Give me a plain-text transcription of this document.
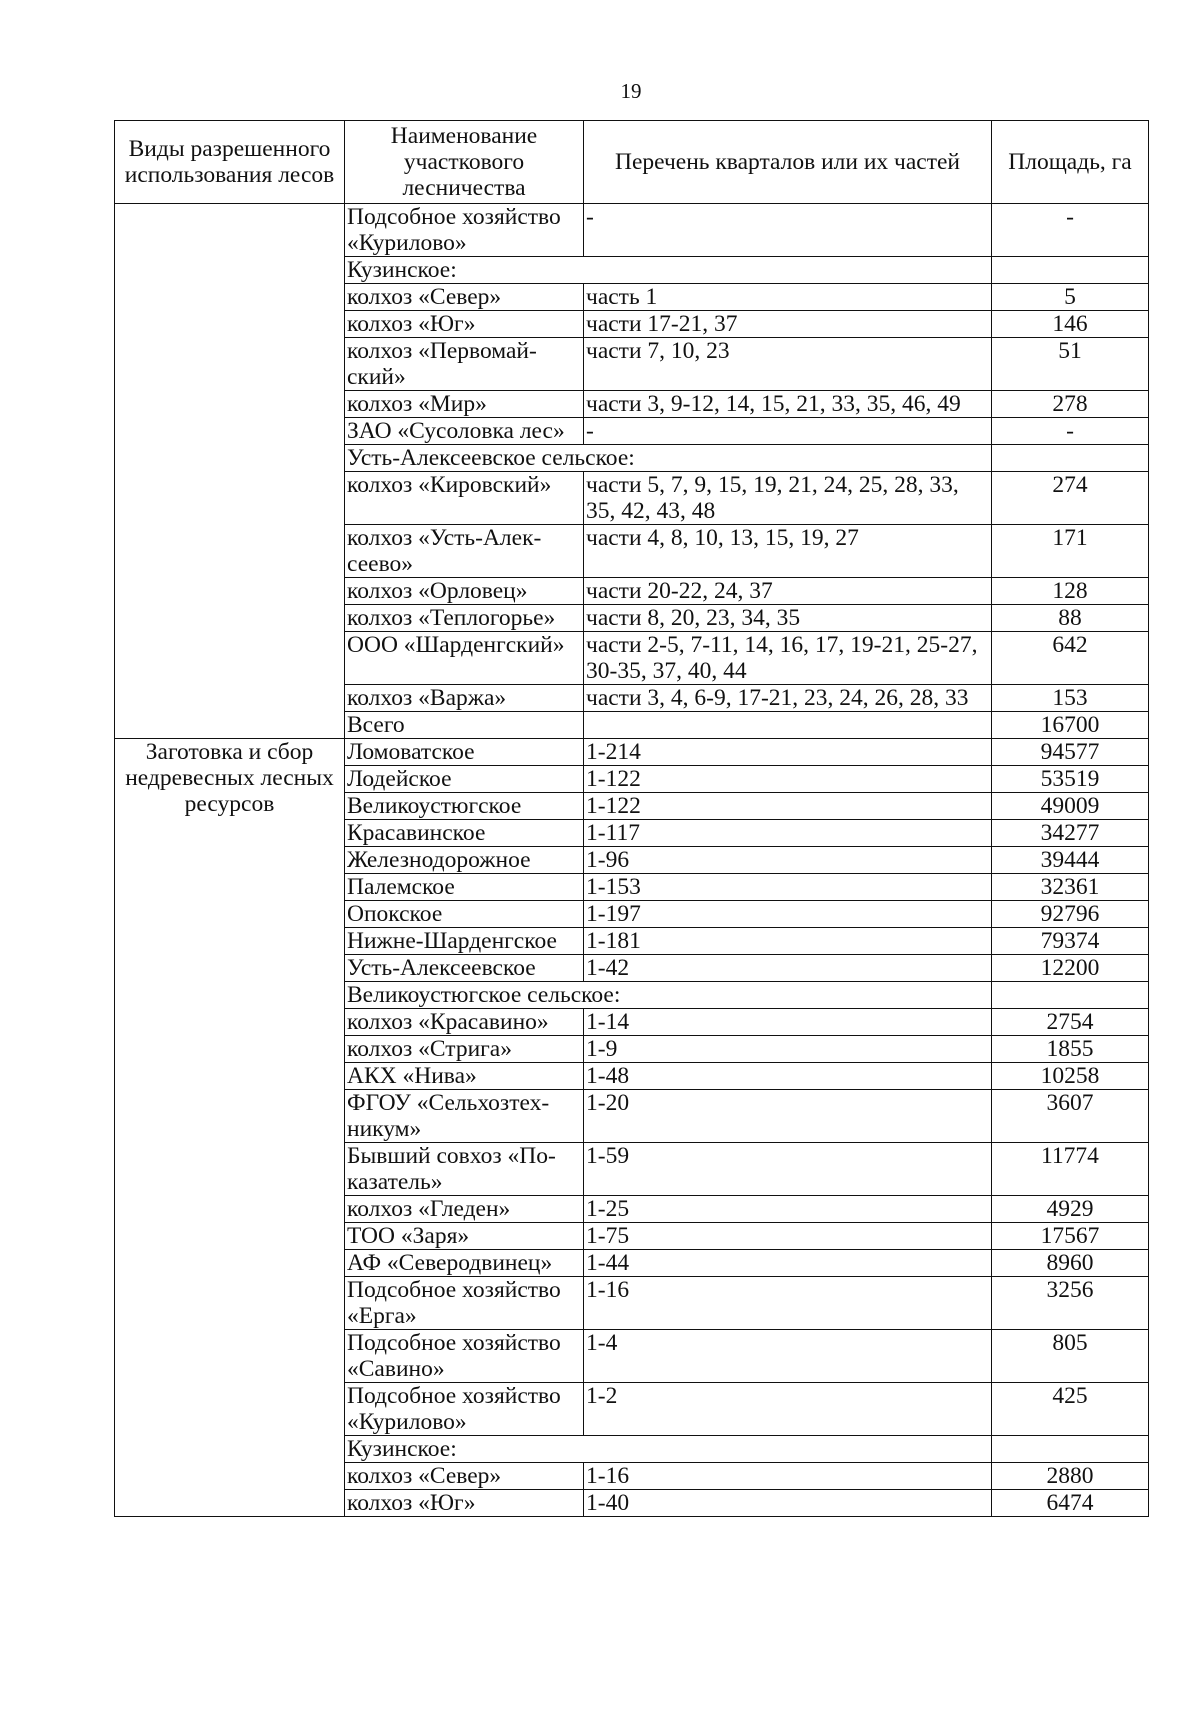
19
Виды разрешенного использования лесов	Наименование участкового лесничества	Перечень кварталов или их частей	Площадь, га
	Подсобное хозяйство «Курилово»	-	-
	Кузинское:		
	колхоз «Север»	часть 1	5
	колхоз «Юг»	части 17-21, 37	146
	колхоз «Первомай-ский»	части 7, 10, 23	51
	колхоз «Мир»	части 3, 9-12, 14, 15, 21, 33, 35, 46, 49	278
	ЗАО «Сусоловка лес»	-	-
	Усть-Алексеевское сельское:		
	колхоз «Кировский»	части 5, 7, 9, 15, 19, 21, 24, 25, 28, 33, 35, 42, 43, 48	274
	колхоз «Усть-Алек-сеево»	части 4, 8, 10, 13, 15, 19, 27	171
	колхоз «Орловец»	части 20-22, 24, 37	128
	колхоз «Теплогорье»	части 8, 20, 23, 34, 35	88
	ООО «Шарденгский»	части 2-5, 7-11, 14, 16, 17, 19-21, 25-27, 30-35, 37, 40, 44	642
	колхоз «Варжа»	части 3, 4, 6-9, 17-21, 23, 24, 26, 28, 33	153
	Всего		16700
Заготовка и сбор недревесных лесных ресурсов	Ломоватское	1-214	94577
	Лодейское	1-122	53519
	Великоустюгское	1-122	49009
	Красавинское	1-117	34277
	Железнодорожное	1-96	39444
	Палемское	1-153	32361
	Опокское	1-197	92796
	Нижне-Шарденгское	1-181	79374
	Усть-Алексеевское	1-42	12200
	Великоустюгское сельское:		
	колхоз «Красавино»	1-14	2754
	колхоз «Стрига»	1-9	1855
	АКХ «Нива»	1-48	10258
	ФГОУ «Сельхозтех-никум»	1-20	3607
	Бывший совхоз «По-казатель»	1-59	11774
	колхоз «Гледен»	1-25	4929
	ТОО «Заря»	1-75	17567
	АФ «Северодвинец»	1-44	8960
	Подсобное хозяйство «Ерга»	1-16	3256
	Подсобное хозяйство «Савино»	1-4	805
	Подсобное хозяйство «Курилово»	1-2	425
	Кузинское:		
	колхоз «Север»	1-16	2880
	колхоз «Юг»	1-40	6474
